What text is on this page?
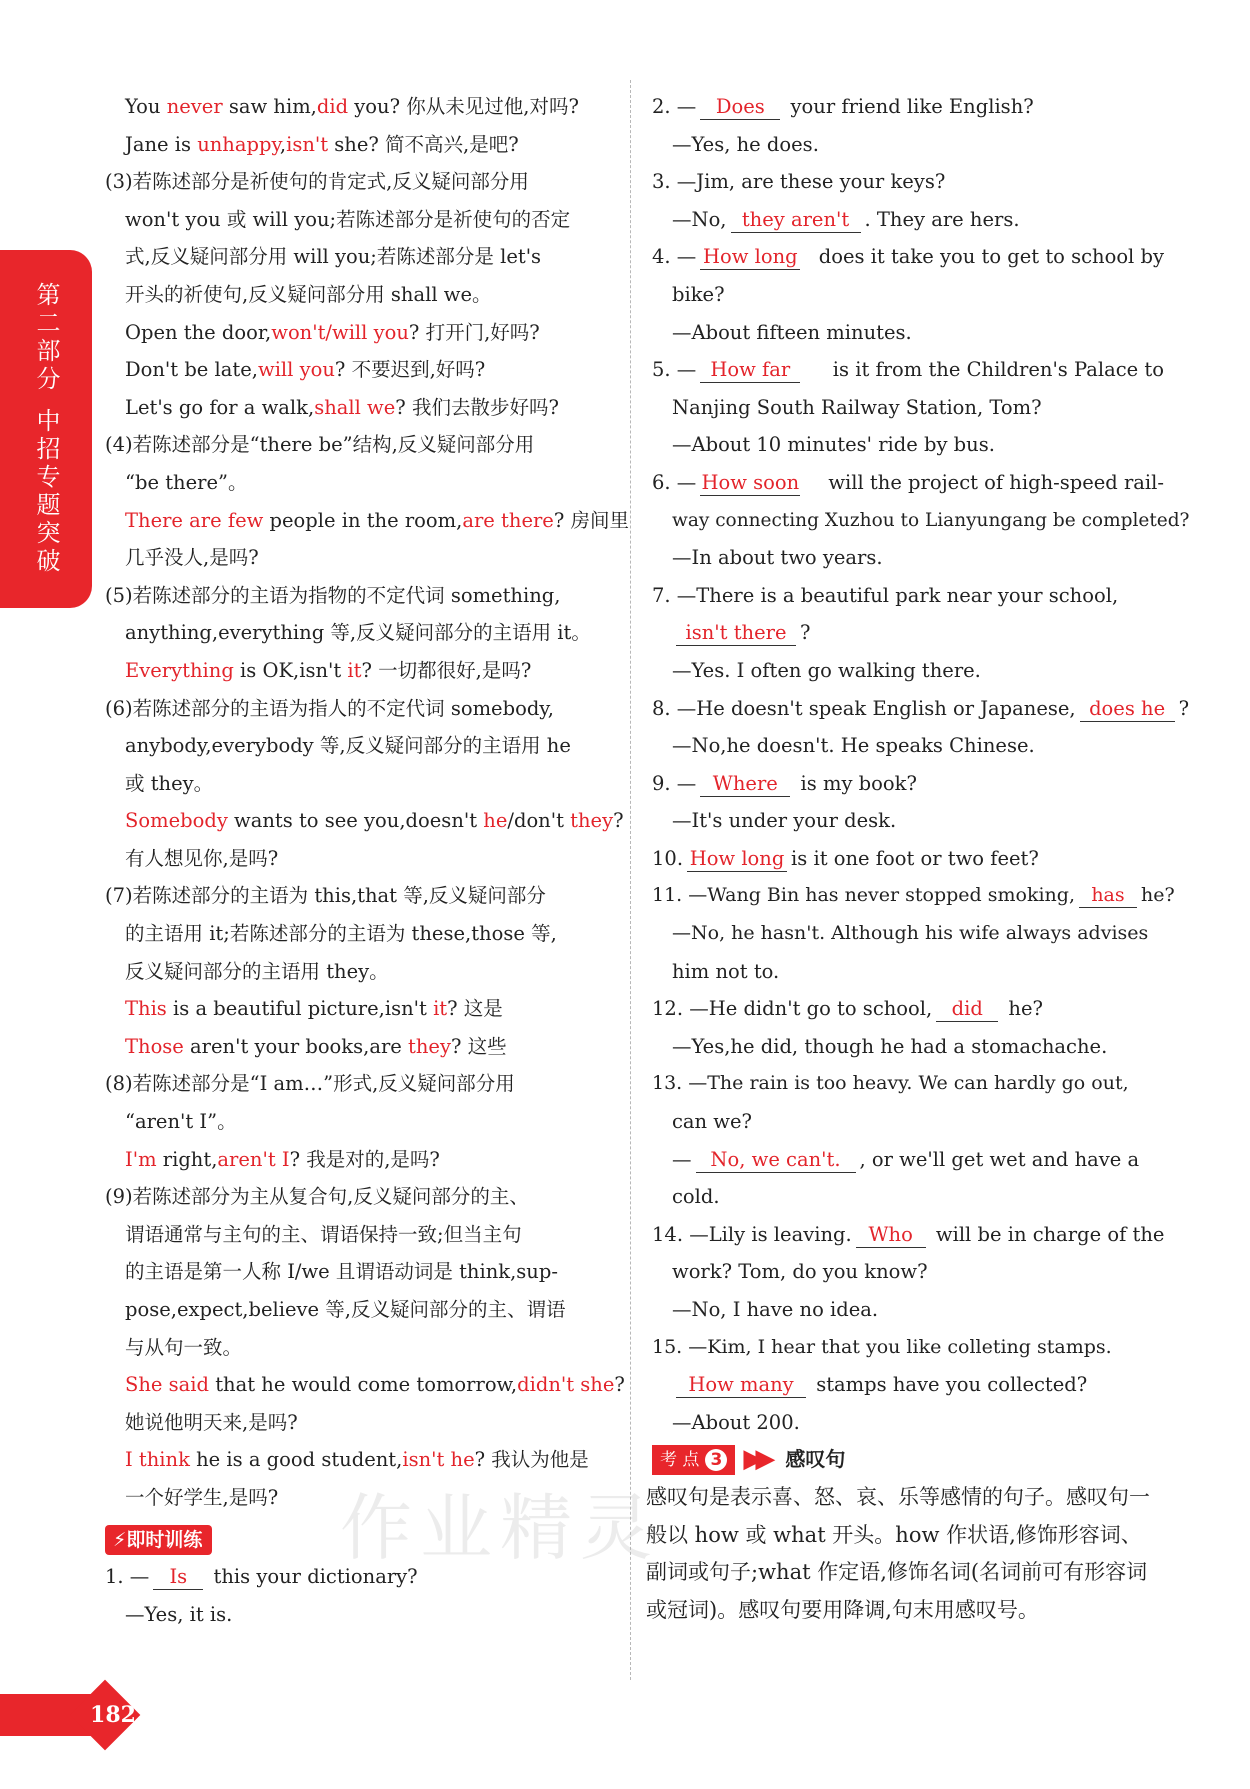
第二部分
中招专题突破
作业精灵
You never saw him,did you? 你从未见过他,对吗?
Jane is unhappy,isn't she? 简不高兴,是吧?
(3)若陈述部分是祈使句的肯定式,反义疑问部分用
won't you 或 will you;若陈述部分是祈使句的否定
式,反义疑问部分用 will you;若陈述部分是 let's
开头的祈使句,反义疑问部分用 shall we。
Open the door,won't/will you? 打开门,好吗?
Don't be late,will you? 不要迟到,好吗?
Let's go for a walk,shall we? 我们去散步好吗?
(4)若陈述部分是“there be”结构,反义疑问部分用
“be there”。
There are few people in the room,are there? 房间里
几乎没人,是吗?
(5)若陈述部分的主语为指物的不定代词 something,
anything,everything 等,反义疑问部分的主语用 it。
Everything is OK,isn't it? 一切都很好,是吗?
(6)若陈述部分的主语为指人的不定代词 somebody,
anybody,everybody 等,反义疑问部分的主语用 he
或 they。
Somebody wants to see you,doesn't he/don't they?
有人想见你,是吗?
(7)若陈述部分的主语为 this,that 等,反义疑问部分
的主语用 it;若陈述部分的主语为 these,those 等,
反义疑问部分的主语用 they。
This is a beautiful picture,isn't it? 这是
Those aren't your books,are they? 这些
(8)若陈述部分是“I am…”形式,反义疑问部分用
“aren't I”。
I'm right,aren't I? 我是对的,是吗?
(9)若陈述部分为主从复合句,反义疑问部分的主、
谓语通常与主句的主、谓语保持一致;但当主句
的主语是第一人称 I/we 且谓语动词是 think,sup-
pose,expect,believe 等,反义疑问部分的主、谓语
与从句一致。
She said that he would come tomorrow,didn't she?
她说他明天来,是吗?
I think he is a good student,isn't he? 我认为他是
一个好学生,是吗?
⚡即时训练
1. — Is this your dictionary?
—Yes, it is.
2. — Does your friend like English?
—Yes, he does.
3. —Jim, are these your keys?
—No, they aren't . They are hers.
4. — How long	does it take you to get to school by
bike?
—About fifteen minutes.
5. — How far	is it from the Children's Palace to
Nanjing South Railway Station, Tom?
—About 10 minutes' ride by bus.
6. — How soon will the project of high-speed rail-
way connecting Xuzhou to Lianyungang be completed?
—In about two years.
7. —There is a beautiful park near your school,
isn't there ?
—Yes. I often go walking there.
8. —He doesn't speak English or Japanese, does he ?
—No,he doesn't. He speaks Chinese.
9. — Where is my book?
—It's under your desk.
10. How long is it one foot or two feet?
11. —Wang Bin has never stopped smoking, has he?
—No, he hasn't. Although his wife always advises
him not to.
12. —He didn't go to school, did he?
—Yes,he did, though he had a stomachache.
13. —The rain is too heavy. We can hardly go out,
can we?
— No, we can't. , or we'll get wet and have a
cold.
14. —Lily is leaving. Who will be in charge of the
work? Tom, do you know?
—No, I have no idea.
15. —Kim, I hear that you like colleting stamps.
How many stamps have you collected?
—About 200.
考 点 3 ▶▶ 感叹句
感叹句是表示喜、怒、哀、乐等感情的句子。感叹句一般以 how 或 what 开头。how 作状语,修饰形容词、副词或句子;what 作定语,修饰名词(名词前可有形容词或冠词)。感叹句要用降调,句末用感叹号。
182
